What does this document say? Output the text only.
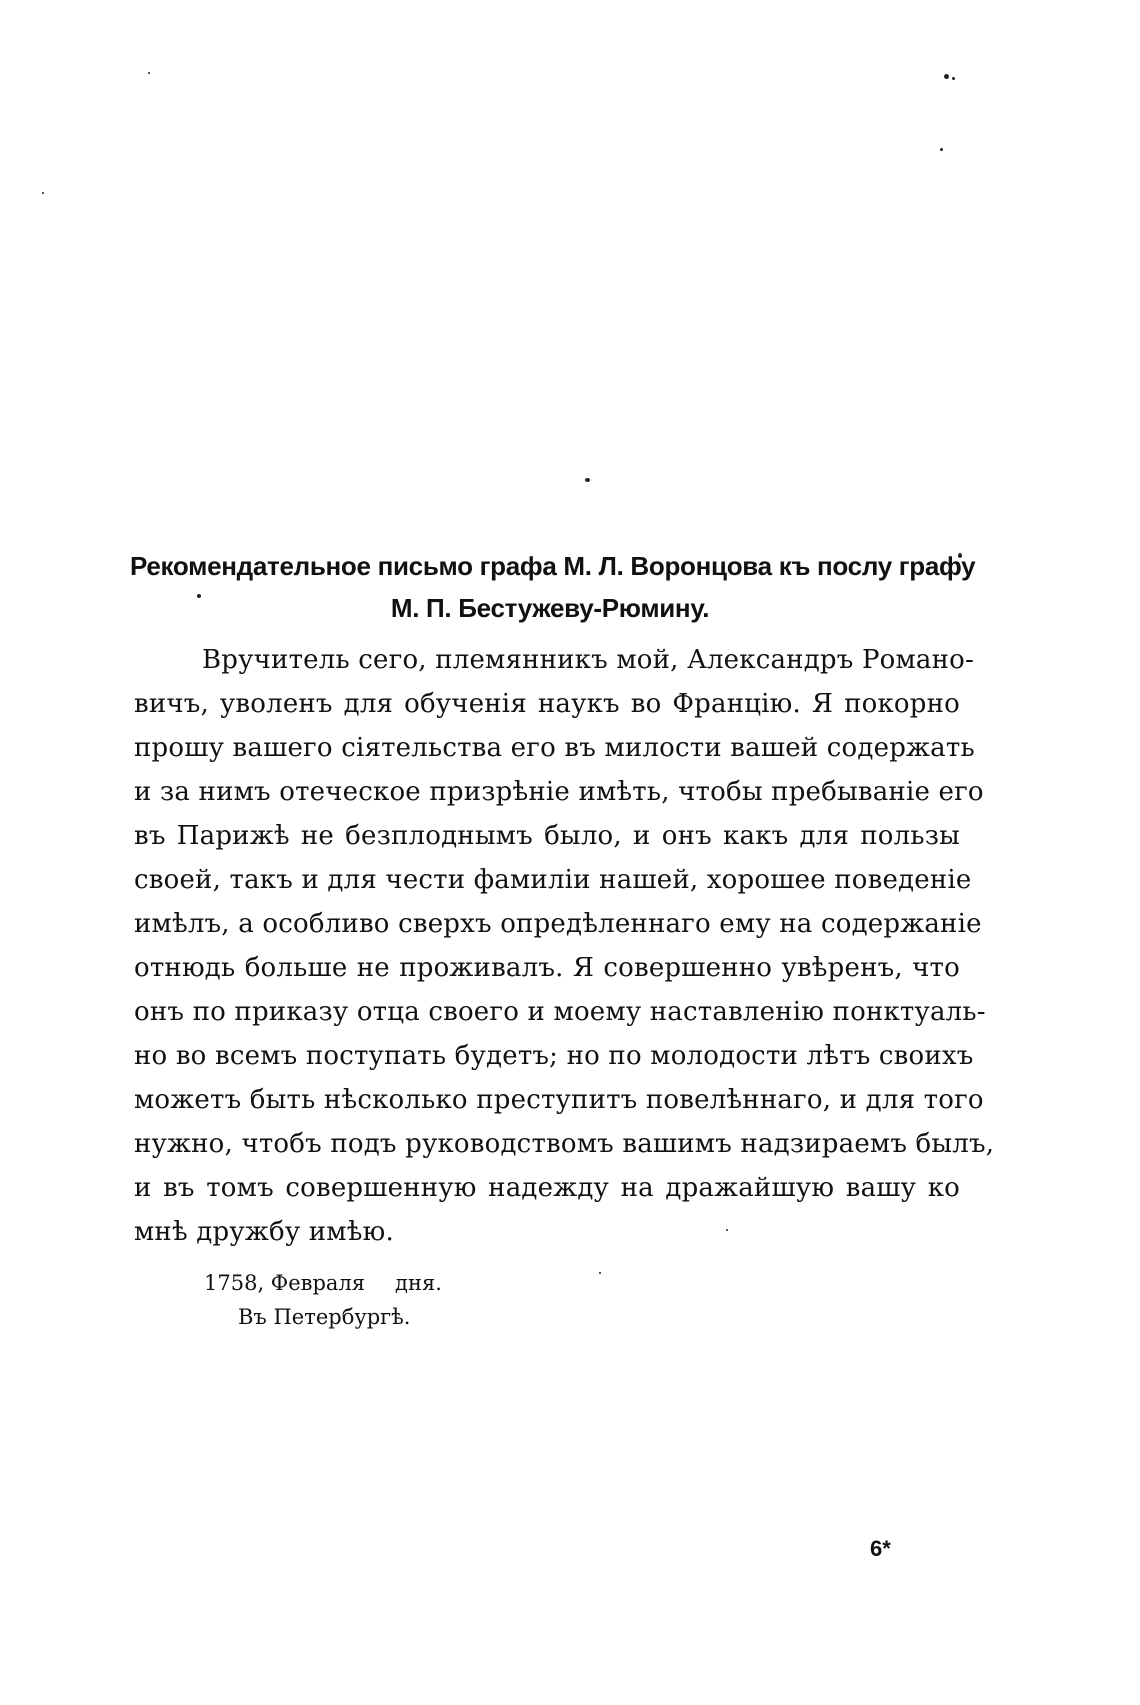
Рекомендательное письмо графа М. Л. Воронцова къ послу графу
М. П. Бестужеву-Рюмину.
Вручитель сего, племянникъ мой, Александръ Романо-
вичъ, уволенъ для обученія наукъ во Францію. Я покорно
прошу вашего сіятельства его въ милости вашей содержать
и за нимъ отеческое призрѣніе имѣть, чтобы пребываніе его
въ Парижѣ не безплоднымъ было, и онъ какъ для пользы
своей, такъ и для чести фамиліи нашей, хорошее поведеніе
имѣлъ, а особливо сверхъ опредѣленнаго ему на содержаніе
отнюдь больше не проживалъ. Я совершенно увѣренъ, что
онъ по приказу отца своего и моему наставленію понктуаль-
но во всемъ поступать будетъ; но по молодости лѣтъ своихъ
можетъ быть нѣсколько преступитъ повелѣннаго, и для того
нужно, чтобъ подъ руководствомъ вашимъ надзираемъ былъ,
и въ томъ совершенную надежду на дражайшую вашу ко
мнѣ дружбу имѣю.
1758, Февраля дня.
Въ Петербургѣ.
6*
